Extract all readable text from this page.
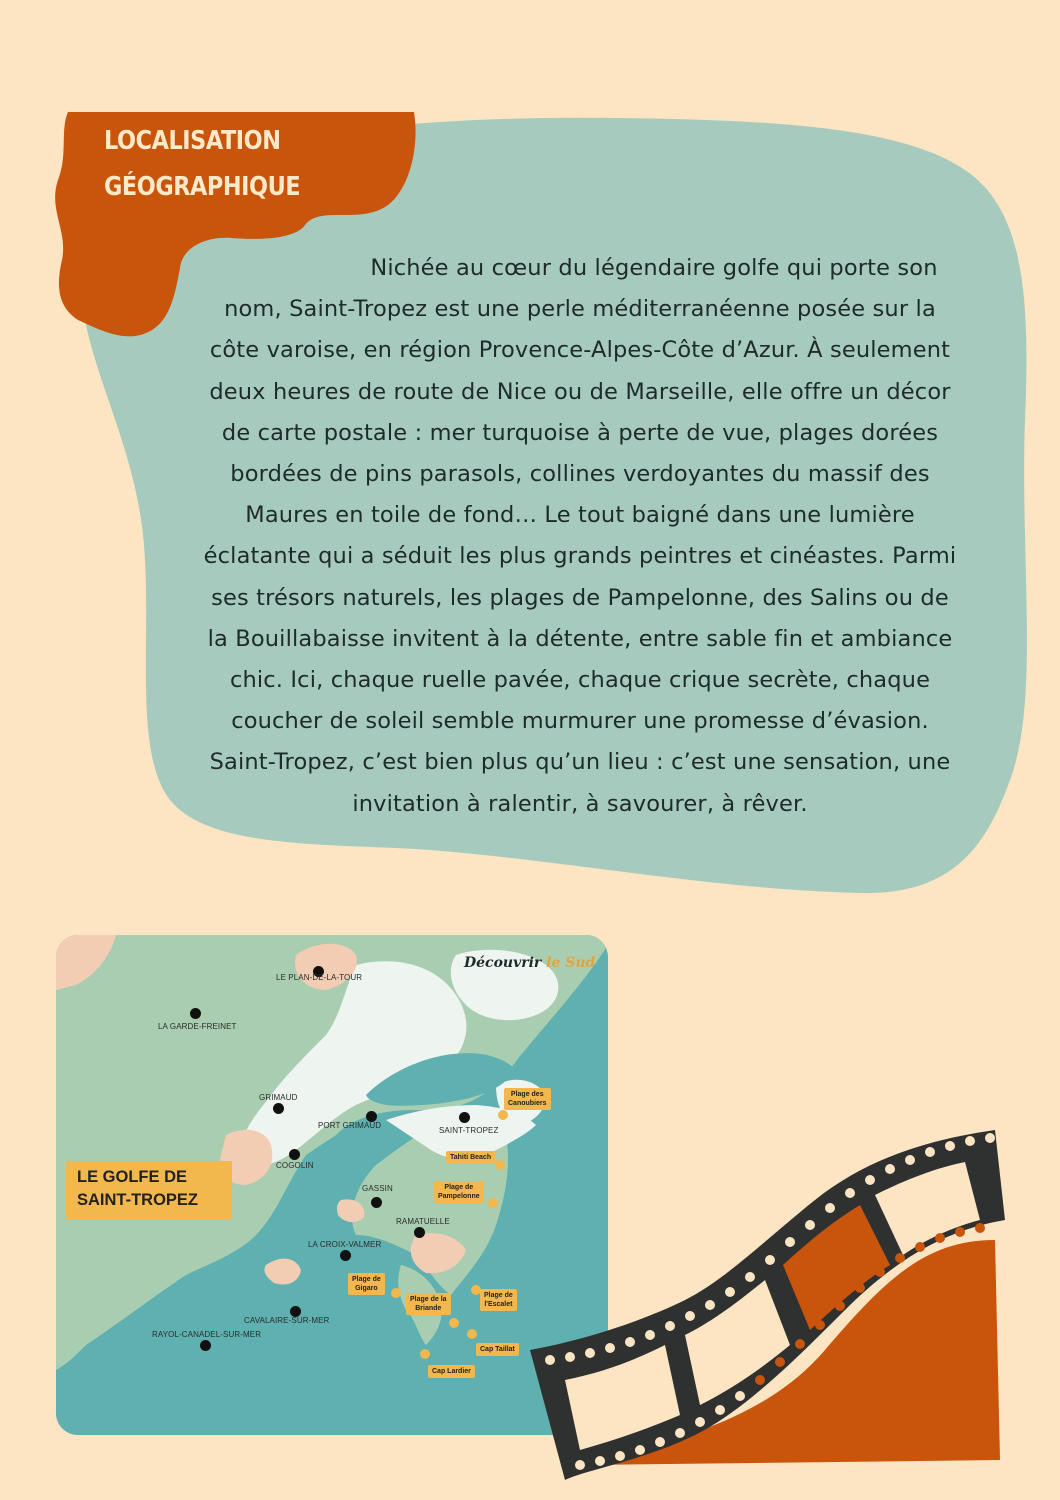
LOCALISATION
GÉOGRAPHIQUE
Nichée au cœur du légendaire golfe qui porte son
nom, Saint-Tropez est une perle méditerranéenne posée sur la
côte varoise, en région Provence-Alpes-Côte d’Azur. À seulement
deux heures de route de Nice ou de Marseille, elle offre un décor
de carte postale : mer turquoise à perte de vue, plages dorées
bordées de pins parasols, collines verdoyantes du massif des
Maures en toile de fond… Le tout baigné dans une lumière
éclatante qui a séduit les plus grands peintres et cinéastes. Parmi
ses trésors naturels, les plages de Pampelonne, des Salins ou de
la Bouillabaisse invitent à la détente, entre sable fin et ambiance
chic. Ici, chaque ruelle pavée, chaque crique secrète, chaque
coucher de soleil semble murmurer une promesse d’évasion.
Saint-Tropez, c’est bien plus qu’un lieu : c’est une sensation, une
invitation à ralentir, à savourer, à rêver.
Découvrir le Sud
LE PLAN-DE-LA-TOUR
LA GARDE-FREINET
GRIMAUD
PORT GRIMAUD
SAINT-TROPEZ
COGOLIN
GASSIN
RAMATUELLE
LA CROIX-VALMER
CAVALAIRE-SUR-MER
RAYOL-CANADEL-SUR-MER
LE GOLFE DE
SAINT-TROPEZ
Plage des
Canoubiers
Tahiti Beach
Plage de
Pampelonne
Plage de
Gigaro
Plage de la
Briande
Plage de
l'Escalet
Cap Taillat
Cap Lardier
